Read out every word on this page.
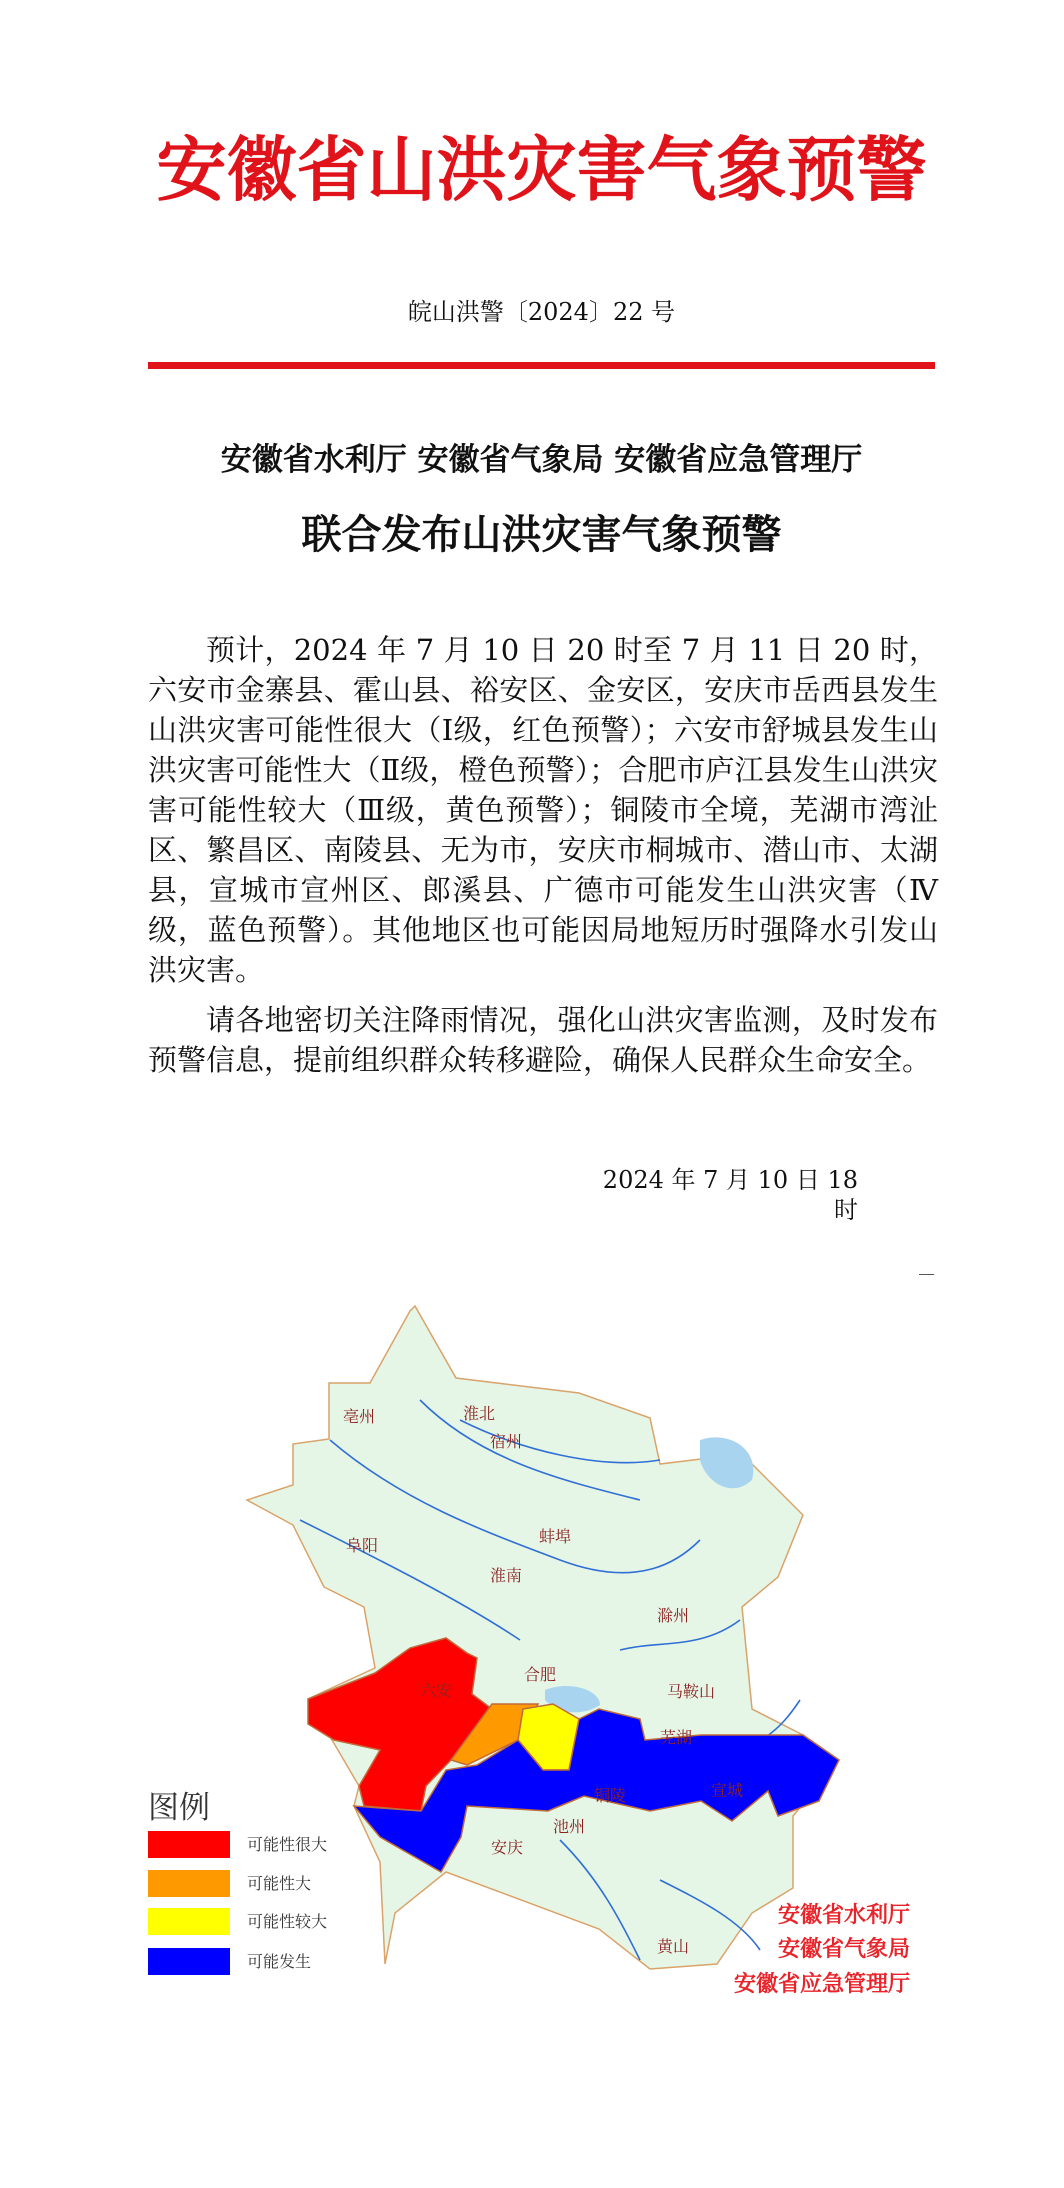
安徽省山洪灾害气象预警
皖山洪警〔2024〕22 号
安徽省水利厅 安徽省气象局 安徽省应急管理厅
联合发布山洪灾害气象预警
预计，2024 年 7 月 10 日 20 时至 7 月 11 日 20 时，六安市金寨县、霍山县、裕安区、金安区，安庆市岳西县发生山洪灾害可能性很大（Ⅰ级，红色预警）；六安市舒城县发生山洪灾害可能性大（Ⅱ级，橙色预警）；合肥市庐江县发生山洪灾害可能性较大（Ⅲ级，黄色预警）；铜陵市全境，芜湖市湾沚区、繁昌区、南陵县、无为市，安庆市桐城市、潜山市、太湖县，宣城市宣州区、郎溪县、广德市可能发生山洪灾害（Ⅳ级，蓝色预警）。其他地区也可能因局地短历时强降水引发山洪灾害。
请各地密切关注降雨情况，强化山洪灾害监测，及时发布预警信息，提前组织群众转移避险，确保人民群众生命安全。
2024 年 7 月 10 日 18 时
亳州	淮北
宿州
阜阳	蚌埠
淮南
滁州
合肥
六安	马鞍山
芜湖
铜陵	宣城
池州
安庆
黄山
图例
可能性很大
可能性大
可能性较大
可能发生
安徽省水利厅
安徽省气象局
安徽省应急管理厅
